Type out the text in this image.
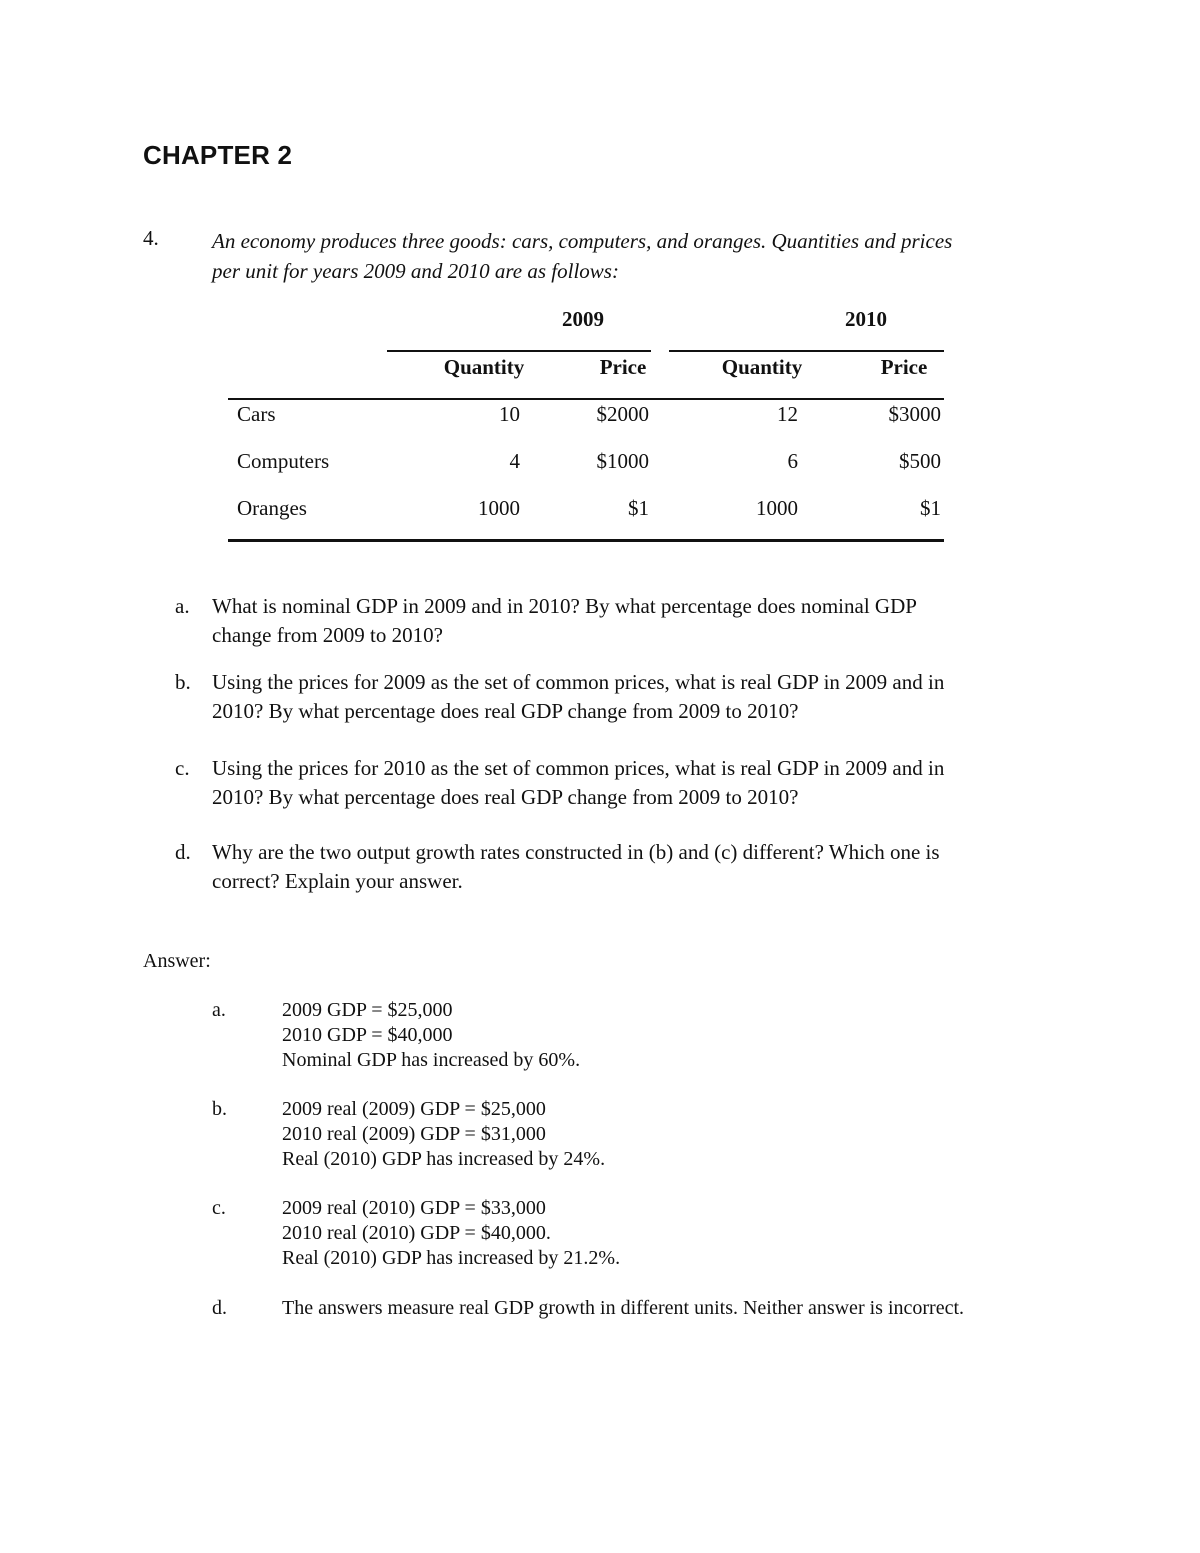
CHAPTER 2
4.	An economy produces three goods: cars, computers, and oranges. Quantities and prices
per unit for years 2009 and 2010 are as follows:
2009	2010
Quantity	Price	Quantity	Price
Cars	10	$2000	12	$3000
Computers	4	$1000	6	$500
Oranges	1000	$1	1000	$1
a. What is nominal GDP in 2009 and in 2010? By what percentage does nominal GDP
change from 2009 to 2010?
b. Using the prices for 2009 as the set of common prices, what is real GDP in 2009 and in
2010? By what percentage does real GDP change from 2009 to 2010?
c. Using the prices for 2010 as the set of common prices, what is real GDP in 2009 and in
2010? By what percentage does real GDP change from 2009 to 2010?
d. Why are the two output growth rates constructed in (b) and (c) different? Which one is
correct? Explain your answer.
Answer:
a.	2009 GDP = $25,000
2010 GDP = $40,000
Nominal GDP has increased by 60%.
b.	2009 real (2009) GDP = $25,000
2010 real (2009) GDP = $31,000
Real (2010) GDP has increased by 24%.
c.	2009 real (2010) GDP = $33,000
2010 real (2010) GDP = $40,000.
Real (2010) GDP has increased by 21.2%.
d.	The answers measure real GDP growth in different units. Neither answer is incorrect.
